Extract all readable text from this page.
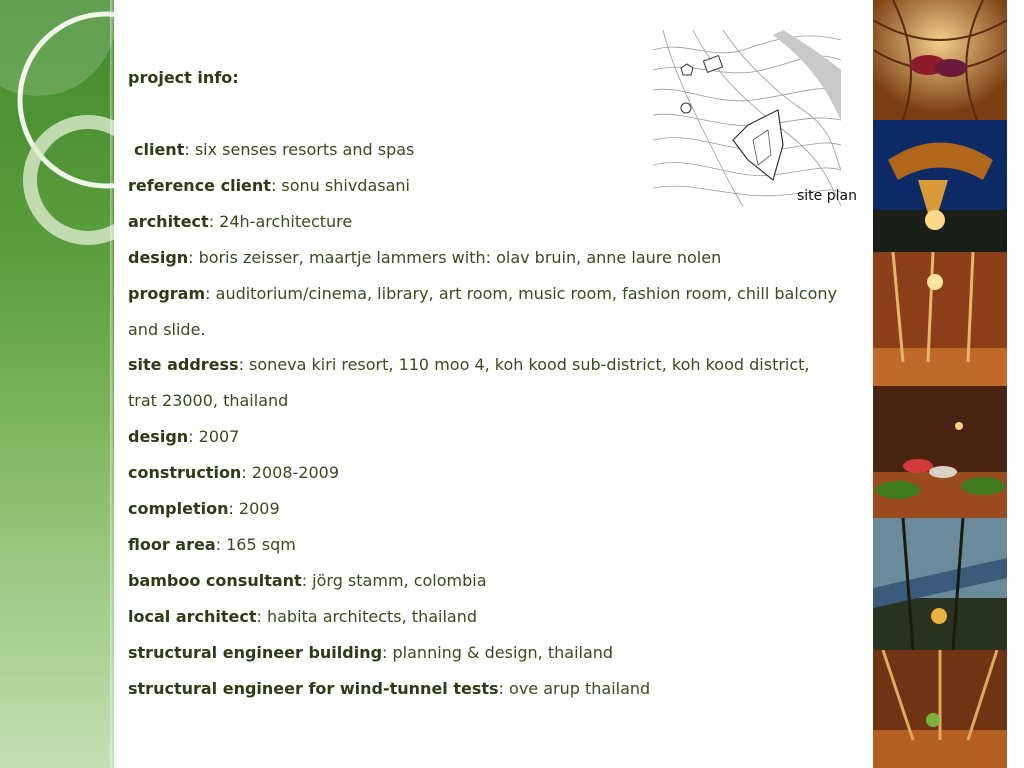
project info:
client: six senses resorts and spas
reference client: sonu shivdasani
architect: 24h-architecture
design: boris zeisser, maartje lammers with: olav bruin, anne laure nolen
program: auditorium/cinema, library, art room, music room, fashion room, chill balcony
and slide.
site address: soneva kiri resort, 110 moo 4, koh kood sub-district, koh kood district,
trat 23000, thailand
design: 2007
construction: 2008-2009
completion: 2009
floor area: 165 sqm
bamboo consultant: jörg stamm, colombia
local architect: habita architects, thailand
structural engineer building: planning & design, thailand
structural engineer for wind-tunnel tests: ove arup thailand
site plan
